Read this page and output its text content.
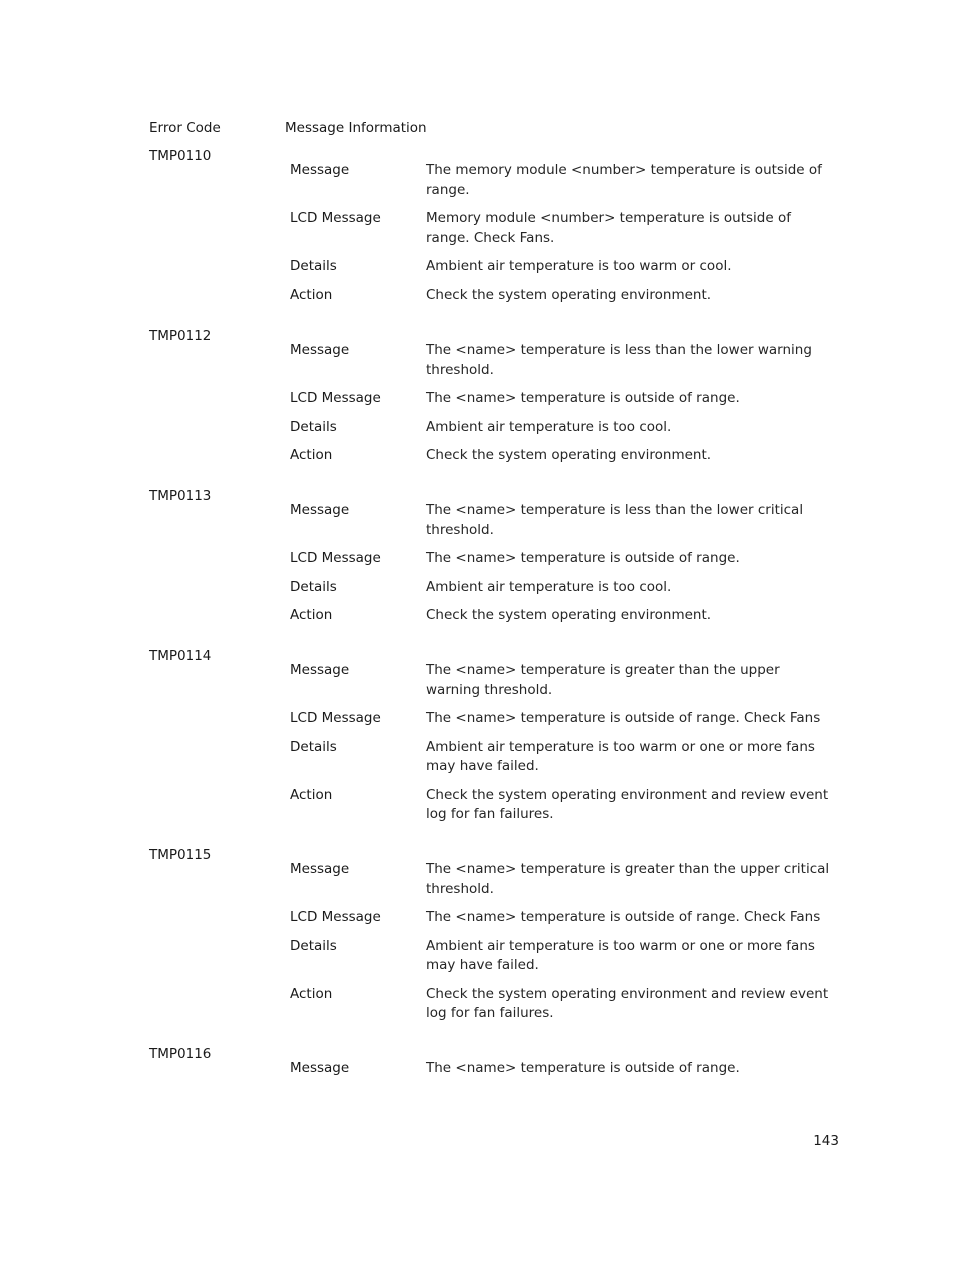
Error Code	Message Information
TMP0110
Message	The memory module <number> temperature is outside of range.
LCD Message	Memory module <number> temperature is outside of range. Check Fans.
Details	Ambient air temperature is too warm or cool.
Action	Check the system operating environment.
TMP0112
Message	The <name> temperature is less than the lower warning threshold.
LCD Message	The <name> temperature is outside of range.
Details	Ambient air temperature is too cool.
Action	Check the system operating environment.
TMP0113
Message	The <name> temperature is less than the lower critical threshold.
LCD Message	The <name> temperature is outside of range.
Details	Ambient air temperature is too cool.
Action	Check the system operating environment.
TMP0114
Message	The <name> temperature is greater than the upper warning threshold.
LCD Message	The <name> temperature is outside of range. Check Fans
Details	Ambient air temperature is too warm or one or more fans may have failed.
Action	Check the system operating environment and review event log for fan failures.
TMP0115
Message	The <name> temperature is greater than the upper critical threshold.
LCD Message	The <name> temperature is outside of range. Check Fans
Details	Ambient air temperature is too warm or one or more fans may have failed.
Action	Check the system operating environment and review event log for fan failures.
TMP0116
Message	The <name> temperature is outside of range.
143
